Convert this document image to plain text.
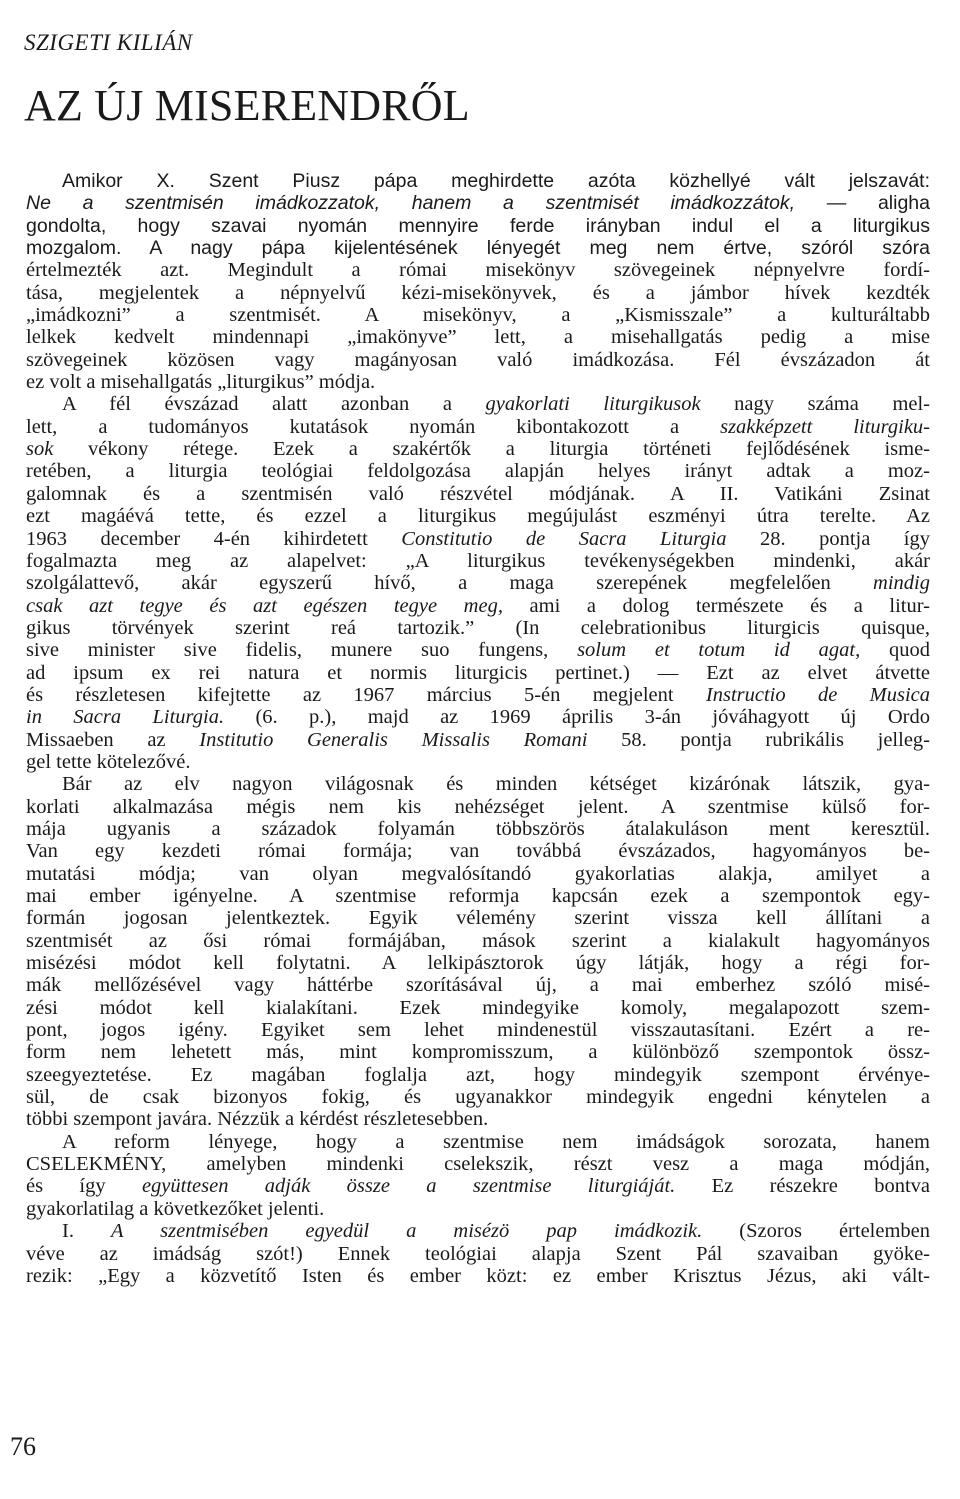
SZIGETI KILIÁN
AZ ÚJ MISERENDRŐL
Amikor X. Szent Piusz pápa meghirdette azóta közhellyé vált jelszavát:
Ne a szentmisén imádkozzatok, hanem a szentmisét imádkozzátok, — aligha
gondolta, hogy szavai nyomán mennyire ferde irányban indul el a liturgikus
mozgalom. A nagy pápa kijelentésének lényegét meg nem értve, szóról szóra
értelmezték azt. Megindult a római misekönyv szövegeinek népnyelvre fordí-
tása, megjelentek a népnyelvű kézi-misekönyvek, és a jámbor hívek kezdték
„imádkozni” a szentmisét. A misekönyv, a „Kismisszale” a kulturáltabb
lelkek kedvelt mindennapi „imakönyve” lett, a misehallgatás pedig a mise
szövegeinek közösen vagy magányosan való imádkozása. Fél évszázadon át
ez volt a misehallgatás „liturgikus” módja.
A fél évszázad alatt azonban a gyakorlati liturgikusok nagy száma mel-
lett, a tudományos kutatások nyomán kibontakozott a szakképzett liturgiku-
sok vékony rétege. Ezek a szakértők a liturgia történeti fejlődésének isme-
retében, a liturgia teológiai feldolgozása alapján helyes irányt adtak a moz-
galomnak és a szentmisén való részvétel módjának. A II. Vatikáni Zsinat
ezt magáévá tette, és ezzel a liturgikus megújulást eszményi útra terelte. Az
1963 december 4-én kihirdetett Constitutio de Sacra Liturgia 28. pontja így
fogalmazta meg az alapelvet: „A liturgikus tevékenységekben mindenki, akár
szolgálattevő, akár egyszerű hívő, a maga szerepének megfelelően mindig
csak azt tegye és azt egészen tegye meg, ami a dolog természete és a litur-
gikus törvények szerint reá tartozik.” (In celebrationibus liturgicis quisque,
sive minister sive fidelis, munere suo fungens, solum et totum id agat, quod
ad ipsum ex rei natura et normis liturgicis pertinet.) — Ezt az elvet átvette
és részletesen kifejtette az 1967 március 5-én megjelent Instructio de Musica
in Sacra Liturgia. (6. p.), majd az 1969 április 3-án jóváhagyott új Ordo
Missaeben az Institutio Generalis Missalis Romani 58. pontja rubrikális jelleg-
gel tette kötelezővé.
Bár az elv nagyon világosnak és minden kétséget kizárónak látszik, gya-
korlati alkalmazása mégis nem kis nehézséget jelent. A szentmise külső for-
mája ugyanis a századok folyamán többszörös átalakuláson ment keresztül.
Van egy kezdeti római formája; van továbbá évszázados, hagyományos be-
mutatási módja; van olyan megvalósítandó gyakorlatias alakja, amilyet a
mai ember igényelne. A szentmise reformja kapcsán ezek a szempontok egy-
formán jogosan jelentkeztek. Egyik vélemény szerint vissza kell állítani a
szentmisét az ősi római formájában, mások szerint a kialakult hagyományos
misézési módot kell folytatni. A lelkipásztorok úgy látják, hogy a régi for-
mák mellőzésével vagy háttérbe szorításával új, a mai emberhez szóló misé-
zési módot kell kialakítani. Ezek mindegyike komoly, megalapozott szem-
pont, jogos igény. Egyiket sem lehet mindenestül visszautasítani. Ezért a re-
form nem lehetett más, mint kompromisszum, a különböző szempontok össz-
szeegyeztetése. Ez magában foglalja azt, hogy mindegyik szempont érvénye-
sül, de csak bizonyos fokig, és ugyanakkor mindegyik engedni kénytelen a
többi szempont javára. Nézzük a kérdést részletesebben.
A reform lényege, hogy a szentmise nem imádságok sorozata, hanem
CSELEKMÉNY, amelyben mindenki cselekszik, részt vesz a maga módján,
és így együttesen adják össze a szentmise liturgiáját. Ez részekre bontva
gyakorlatilag a következőket jelenti.
I. A szentmisében egyedül a misézö pap imádkozik. (Szoros értelemben
véve az imádság szót!) Ennek teológiai alapja Szent Pál szavaiban gyöke-
rezik: „Egy a közvetítő Isten és ember közt: ez ember Krisztus Jézus, aki vált-
76
